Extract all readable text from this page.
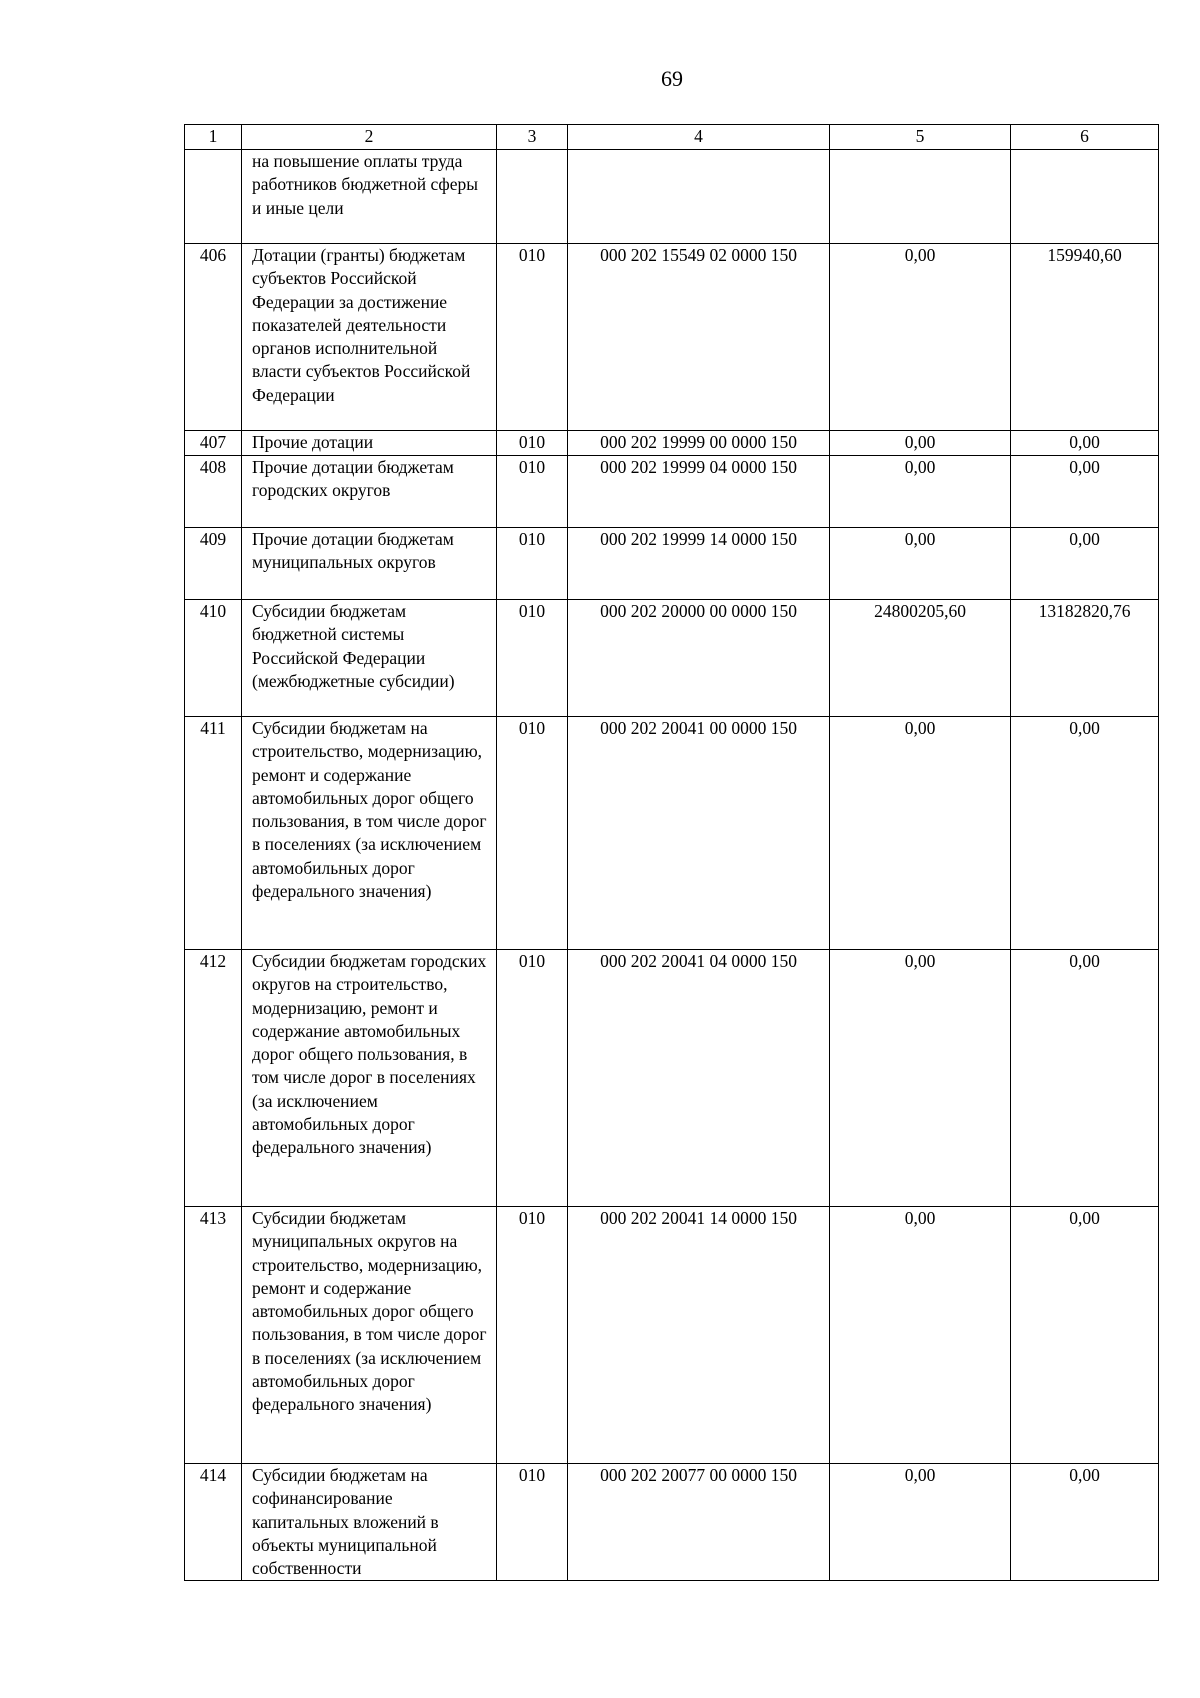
69
1	2	3	4	5	6
	на повышение оплаты труда работников бюджетной сферы и иные цели				
406	Дотации (гранты) бюджетам субъектов Российской Федерации за достижение показателей деятельности органов исполнительной власти субъектов Российской Федерации	010	000 202 15549 02 0000 150	0,00	159940,60
407	Прочие дотации	010	000 202 19999 00 0000 150	0,00	0,00
408	Прочие дотации бюджетам городских округов	010	000 202 19999 04 0000 150	0,00	0,00
409	Прочие дотации бюджетам муниципальных округов	010	000 202 19999 14 0000 150	0,00	0,00
410	Субсидии бюджетам бюджетной системы Российской Федерации (межбюджетные субсидии)	010	000 202 20000 00 0000 150	24800205,60	13182820,76
411	Субсидии бюджетам на строительство, модернизацию, ремонт и содержание автомобильных дорог общего пользования, в том числе дорог в поселениях (за исключением автомобильных дорог федерального значения)	010	000 202 20041 00 0000 150	0,00	0,00
412	Субсидии бюджетам городских округов на строительство, модернизацию, ремонт и содержание автомобильных дорог общего пользования, в том числе дорог в поселениях (за исключением автомобильных дорог федерального значения)	010	000 202 20041 04 0000 150	0,00	0,00
413	Субсидии бюджетам муниципальных округов на строительство, модернизацию, ремонт и содержание автомобильных дорог общего пользования, в том числе дорог в поселениях (за исключением автомобильных дорог федерального значения)	010	000 202 20041 14 0000 150	0,00	0,00
414	Субсидии бюджетам на софинансирование капитальных вложений в объекты муниципальной собственности	010	000 202 20077 00 0000 150	0,00	0,00
